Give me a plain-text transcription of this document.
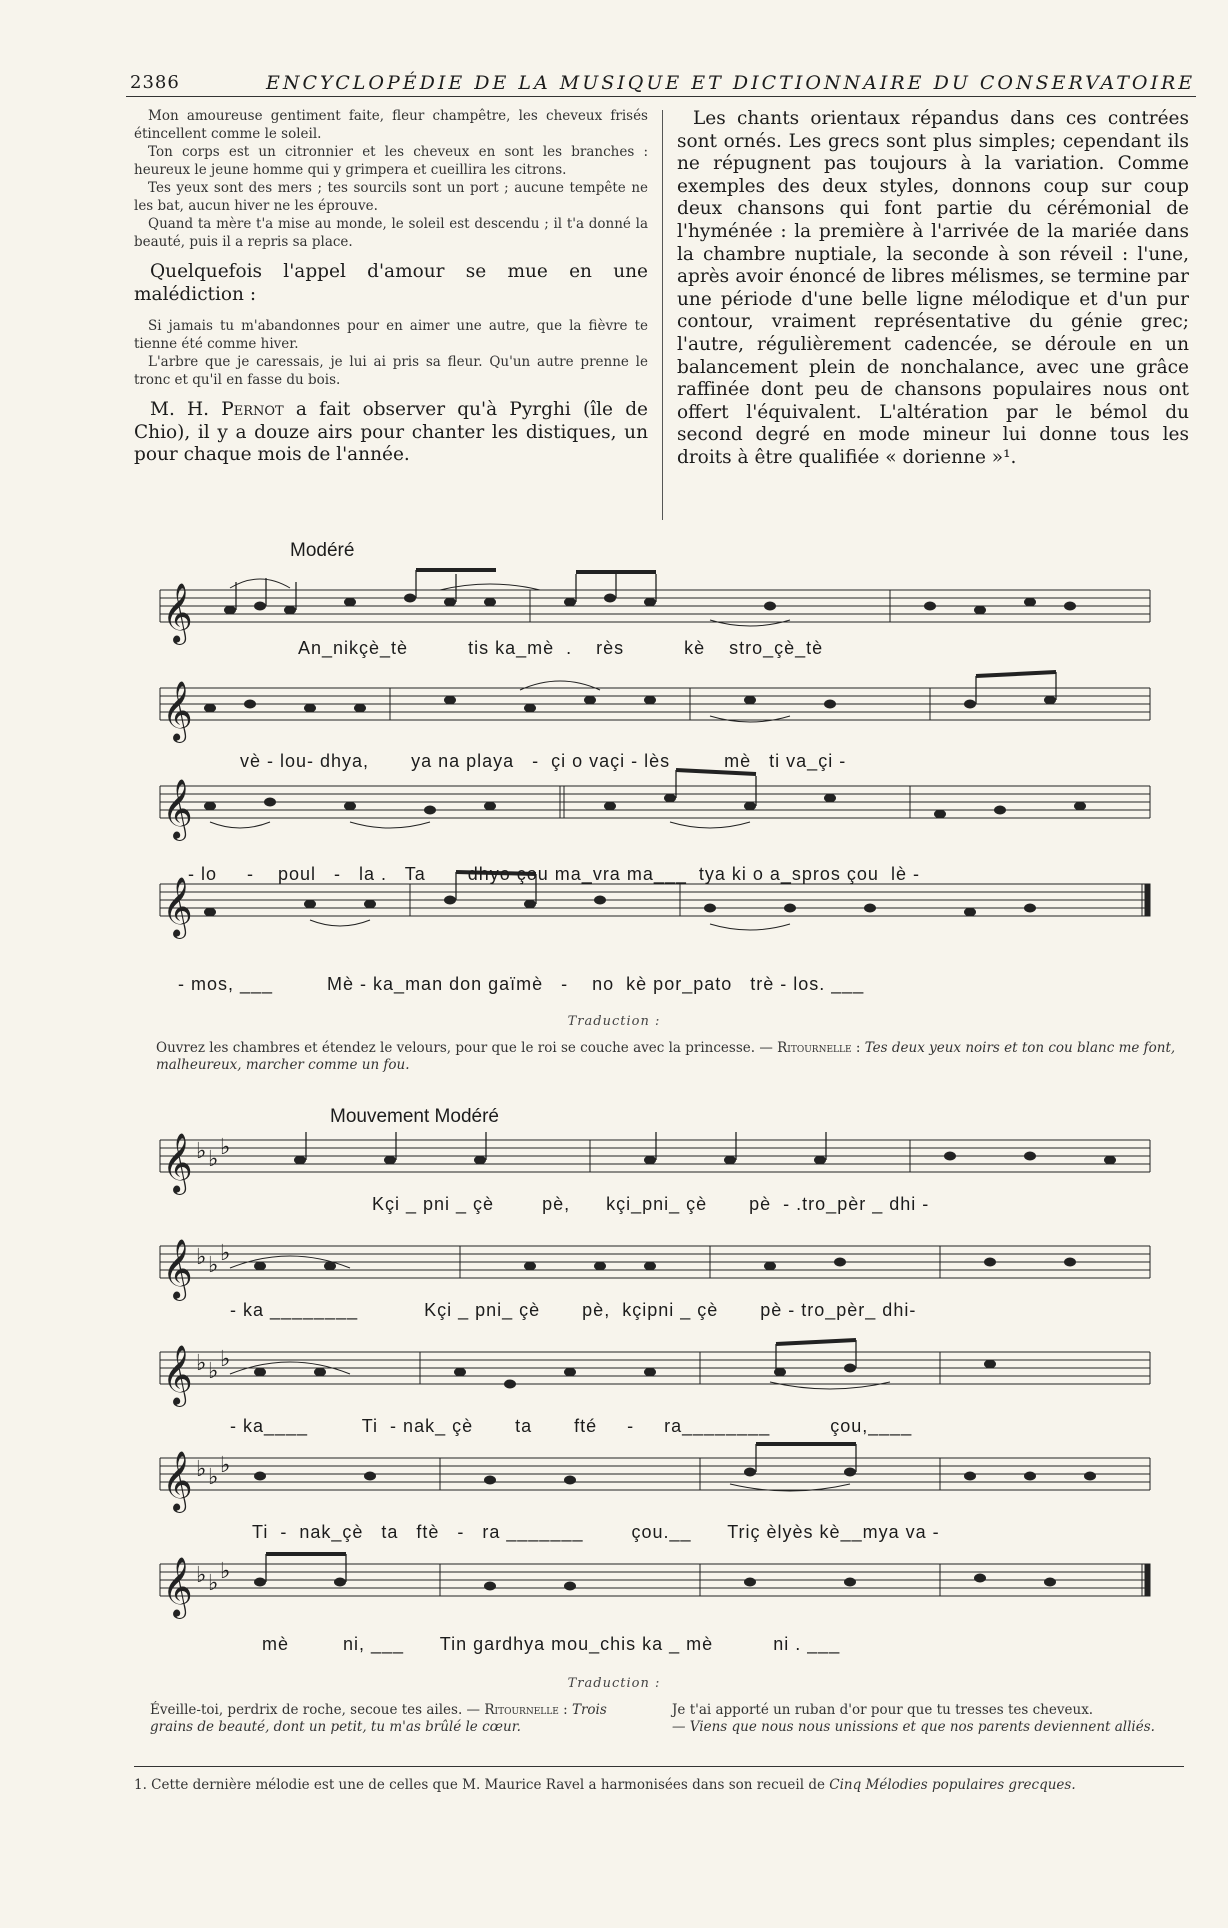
2386	ENCYCLOPÉDIE DE LA MUSIQUE ET DICTIONNAIRE DU CONSERVATOIRE

Mon amoureuse gentiment faite, fleur champêtre, les cheveux frisés étincellent comme le soleil.

Ton corps est un citronnier et les cheveux en sont les branches : heureux le jeune homme qui y grimpera et cueillira les citrons.

Tes yeux sont des mers ; tes sourcils sont un port ; aucune tempête ne les bat, aucun hiver ne les éprouve.

Quand ta mère t'a mise au monde, le soleil est descendu ; il t'a donné la beauté, puis il a repris sa place.

Quelquefois l'appel d'amour se mue en une malédiction :

Si jamais tu m'abandonnes pour en aimer une autre, que la fièvre te tienne été comme hiver.

L'arbre que je caressais, je lui ai pris sa fleur. Qu'un autre prenne le tronc et qu'il en fasse du bois.

M. H. Pernot a fait observer qu'à Pyrghi (île de Chio), il y a douze airs pour chanter les distiques, un pour chaque mois de l'année.
Les chants orientaux répandus dans ces contrées sont ornés. Les grecs sont plus simples; cependant ils ne répugnent pas toujours à la variation. Comme exemples des deux styles, donnons coup sur coup deux chansons qui font partie du cérémonial de l'hyménée : la première à l'arrivée de la mariée dans la chambre nuptiale, la seconde à son réveil : l'une, après avoir énoncé de libres mélismes, se termine par une période d'une belle ligne mélodique et d'un pur contour, vraiment représentative du génie grec; l'autre, régulièrement cadencée, se déroule en un balancement plein de nonchalance, avec une grâce raffinée dont peu de chansons populaires nous ont offert l'équivalent. L'altération par le bémol du second degré en mode mineur lui donne tous les droits à être qualifiée « dorienne »¹.
Modéré
𝄞
𝄞
𝄞
𝄞
An_nikçè_tè          tis ka_mè  .    rès          kè    stro_çè_tè
vè - lou- dhya,       ya na playa   -  çi o vaçi - lès         mè   ti va_çi -
- lo     -    poul   -   la .   Ta       dhyo çou ma_vra ma___  tya ki o a_spros çou  lè -
- mos, ___         Mè - ka_man don gaïmè   -    no  kè por_pato   trè - los. ___
Traduction :
Ouvrez les chambres et étendez le velours, pour que le roi se couche avec la princesse. — Ritournelle : Tes deux yeux noirs et ton cou blanc me font, malheureux, marcher comme un fou.
Mouvement Modéré
𝄞
𝄞
𝄞
𝄞
𝄞
♭ ♭ ♭
♭ ♭ ♭
♭ ♭ ♭
♭ ♭ ♭
♭ ♭ ♭
Kçi _ pni _ çè        pè,      kçi_pni_ çè       pè  - .tro_pèr _ dhi -
- ka ________           Kçi _ pni_ çè       pè,  kçipni _ çè       pè - tro_pèr_ dhi-
- ka____         Ti  - nak_ çè       ta       fté     -     ra________          çou,____
Ti  -  nak_çè   ta   ftè   -   ra _______        çou.__      Triç èlyès kè__mya va -
mè         ni, ___      Tin gardhya mou_chis ka _ mè          ni . ___
Traduction :
Éveille-toi, perdrix de roche, secoue tes ailes. — Ritournelle : Trois grains de beauté, dont un petit, tu m'as brûlé le cœur.
Je t'ai apporté un ruban d'or pour que tu tresses tes cheveux.
— Viens que nous nous unissions et que nos parents deviennent alliés.
1. Cette dernière mélodie est une de celles que M. Maurice Ravel a harmonisées dans son recueil de Cinq Mélodies populaires grecques.
